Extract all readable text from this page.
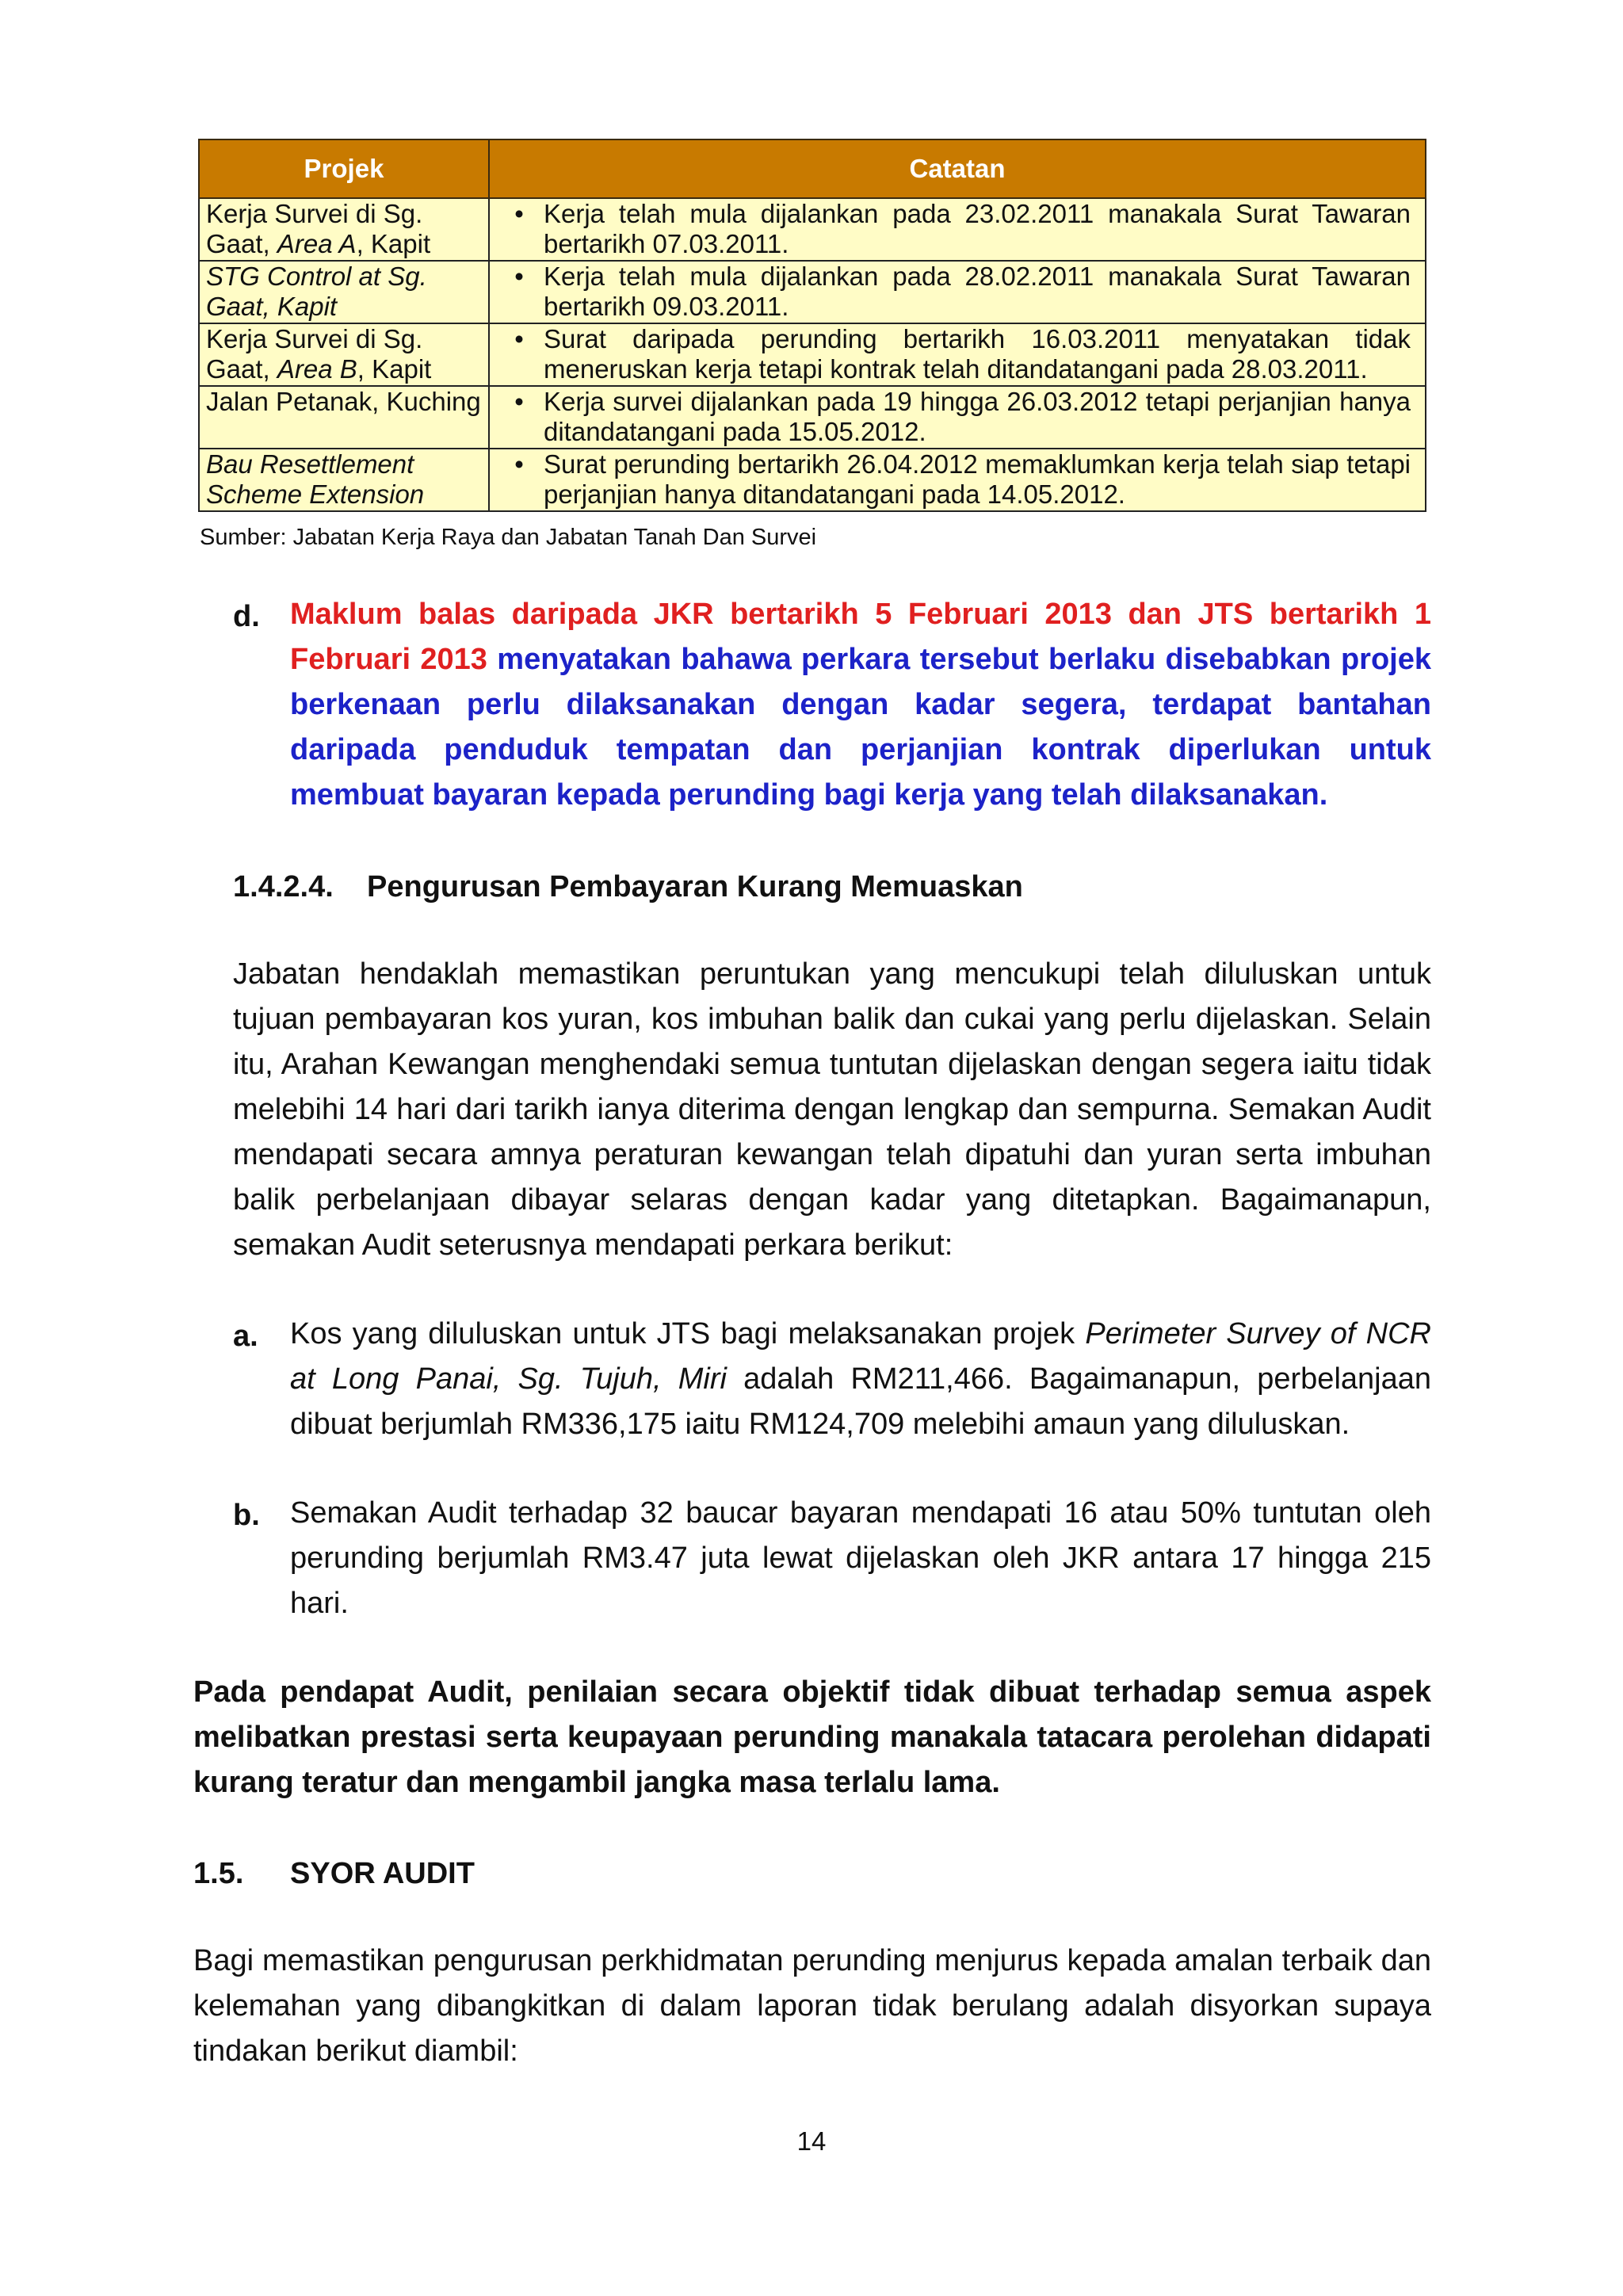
Projek	Catatan
Kerja Survei di Sg. Gaat, Area A, Kapit	• Kerja telah mula dijalankan pada 23.02.2011 manakala Surat Tawaran bertarikh 07.03.2011.

STG Control at Sg. Gaat, Kapit	• Kerja telah mula dijalankan pada 28.02.2011 manakala Surat Tawaran bertarikh 09.03.2011.

Kerja Survei di Sg. Gaat, Area B, Kapit	• Surat daripada perunding bertarikh 16.03.2011 menyatakan tidak meneruskan kerja tetapi kontrak telah ditandatangani pada 28.03.2011.

Jalan Petanak, Kuching	• Kerja survei dijalankan pada 19 hingga 26.03.2012 tetapi perjanjian hanya ditandatangani pada 15.05.2012.

Bau Resettlement Scheme Extension	• Surat perunding bertarikh 26.04.2012 memaklumkan kerja telah siap tetapi perjanjian hanya ditandatangani pada 14.05.2012.
Sumber: Jabatan Kerja Raya dan Jabatan Tanah Dan Survei
d. Maklum balas daripada JKR bertarikh 5 Februari 2013 dan JTS bertarikh 1 Februari 2013 menyatakan bahawa perkara tersebut berlaku disebabkan projek berkenaan perlu dilaksanakan dengan kadar segera, terdapat bantahan daripada penduduk tempatan dan perjanjian kontrak diperlukan untuk membuat bayaran kepada perunding bagi kerja yang telah dilaksanakan.
1.4.2.4. Pengurusan Pembayaran Kurang Memuaskan
Jabatan hendaklah memastikan peruntukan yang mencukupi telah diluluskan untuk tujuan pembayaran kos yuran, kos imbuhan balik dan cukai yang perlu dijelaskan. Selain itu, Arahan Kewangan menghendaki semua tuntutan dijelaskan dengan segera iaitu tidak melebihi 14 hari dari tarikh ianya diterima dengan lengkap dan sempurna. Semakan Audit mendapati secara amnya peraturan kewangan telah dipatuhi dan yuran serta imbuhan balik perbelanjaan dibayar selaras dengan kadar yang ditetapkan. Bagaimanapun, semakan Audit seterusnya mendapati perkara berikut:
a. Kos yang diluluskan untuk JTS bagi melaksanakan projek Perimeter Survey of NCR at Long Panai, Sg. Tujuh, Miri adalah RM211,466. Bagaimanapun, perbelanjaan dibuat berjumlah RM336,175 iaitu RM124,709 melebihi amaun yang diluluskan.
b. Semakan Audit terhadap 32 baucar bayaran mendapati 16 atau 50% tuntutan oleh perunding berjumlah RM3.47 juta lewat dijelaskan oleh JKR antara 17 hingga 215 hari.
Pada pendapat Audit, penilaian secara objektif tidak dibuat terhadap semua aspek melibatkan prestasi serta keupayaan perunding manakala tatacara perolehan didapati kurang teratur dan mengambil jangka masa terlalu lama.
1.5. SYOR AUDIT
Bagi memastikan pengurusan perkhidmatan perunding menjurus kepada amalan terbaik dan kelemahan yang dibangkitkan di dalam laporan tidak berulang adalah disyorkan supaya tindakan berikut diambil:
14
